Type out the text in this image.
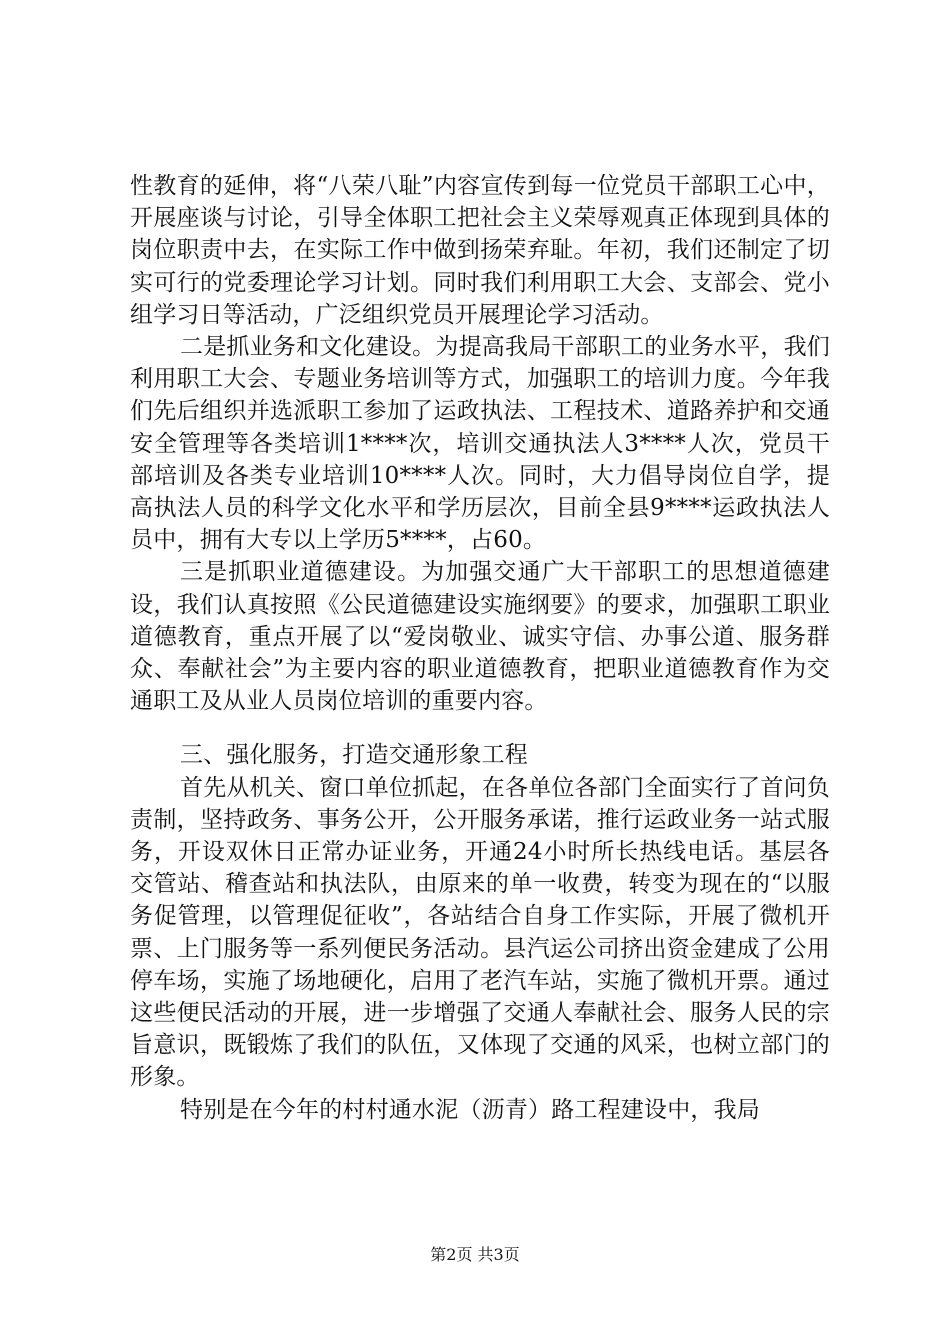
性教育的延伸，将“八荣八耻”内容宣传到每一位党员干部职工心中，开展座谈与讨论，引导全体职工把社会主义荣辱观真正体现到具体的岗位职责中去，在实际工作中做到扬荣弃耻。年初，我们还制定了切实可行的党委理论学习计划。同时我们利用职工大会、支部会、党小组学习日等活动，广泛组织党员开展理论学习活动。

二是抓业务和文化建设。为提高我局干部职工的业务水平，我们利用职工大会、专题业务培训等方式，加强职工的培训力度。今年我们先后组织并选派职工参加了运政执法、工程技术、道路养护和交通安全管理等各类培训1****次，培训交通执法人3****人次，党员干部培训及各类专业培训10****人次。同时，大力倡导岗位自学，提高执法人员的科学文化水平和学历层次，目前全县9****运政执法人员中，拥有大专以上学历5****，占60。

三是抓职业道德建设。为加强交通广大干部职工的思想道德建设，我们认真按照《公民道德建设实施纲要》的要求，加强职工职业道德教育，重点开展了以“爱岗敬业、诚实守信、办事公道、服务群众、奉献社会”为主要内容的职业道德教育，把职业道德教育作为交通职工及从业人员岗位培训的重要内容。

三、强化服务，打造交通形象工程

首先从机关、窗口单位抓起，在各单位各部门全面实行了首问负责制，坚持政务、事务公开，公开服务承诺，推行运政业务一站式服务，开设双休日正常办证业务，开通24小时所长热线电话。基层各交管站、稽查站和执法队，由原来的单一收费，转变为现在的“以服务促管理，以管理促征收”，各站结合自身工作实际，开展了微机开票、上门服务等一系列便民务活动。县汽运公司挤出资金建成了公用停车场，实施了场地硬化，启用了老汽车站，实施了微机开票。通过这些便民活动的开展，进一步增强了交通人奉献社会、服务人民的宗旨意识，既锻炼了我们的队伍，又体现了交通的风采，也树立部门的形象。

特别是在今年的村村通水泥（沥青）路工程建设中，我局

第2页 共3页
